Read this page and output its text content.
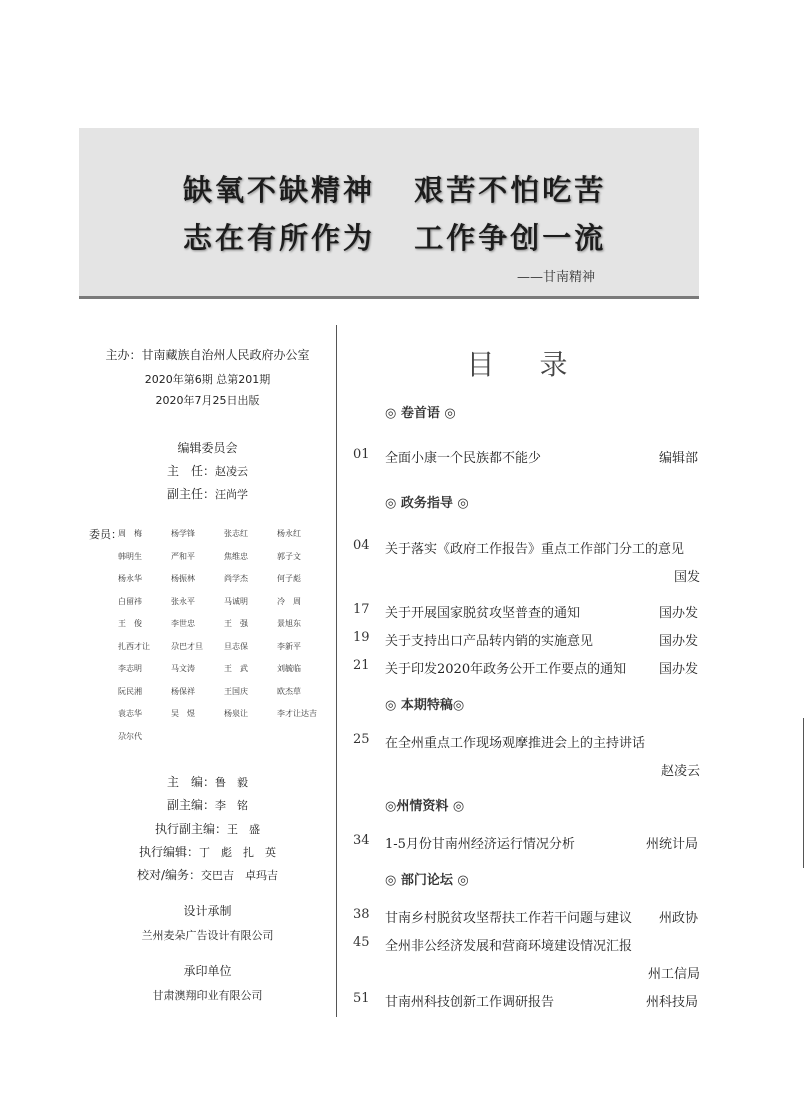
缺氧不缺精神   艰苦不怕吃苦
志在有所作为   工作争创一流
——甘南精神
主办：甘南藏族自治州人民政府办公室
2020年第6期 总第201期
2020年7月25日出版
编辑委员会
主　任：赵凌云
副主任：汪尚学
委员：
周　梅	杨学锋	张志红	杨永红
韩明生	严和平	焦维忠	郭子文
杨永华	杨振林	尚学杰	何子彪
白留祎	张永平	马诚明	冷　周
王　俊	李世忠	王　强	景旭东
扎西才让	尕巴才旦	旦志保	李新平
李志明	马文涛	王　武	刘毓临
阮民湘	杨保祥	王国庆	欧杰草
袁志华	吴　煜	杨泉让	李才让达吉
尕尔代
主　编：鲁　毅
副主编：李　铭
执行副主编：王　盛
执行编辑：丁　彪　扎　英
校对/编务：交巴吉　卓玛吉
设计承制
兰州麦朵广告设计有限公司
承印单位
甘肃澳翔印业有限公司
目 录
◎ 卷首语 ◎
01 全面小康一个民族都不能少	编辑部
◎ 政务指导 ◎
04 关于落实《政府工作报告》重点工作部门分工的意见
国发
17 关于开展国家脱贫攻坚普查的通知	国办发
19 关于支持出口产品转内销的实施意见	国办发
21 关于印发2020年政务公开工作要点的通知	国办发
◎ 本期特稿◎
25 在全州重点工作现场观摩推进会上的主持讲话
赵凌云
◎州情资料 ◎
34 1-5月份甘南州经济运行情况分析	州统计局
◎ 部门论坛 ◎
38 甘南乡村脱贫攻坚帮扶工作若干问题与建议 州政协
45 全州非公经济发展和营商环境建设情况汇报
州工信局
51 甘南州科技创新工作调研报告	州科技局
